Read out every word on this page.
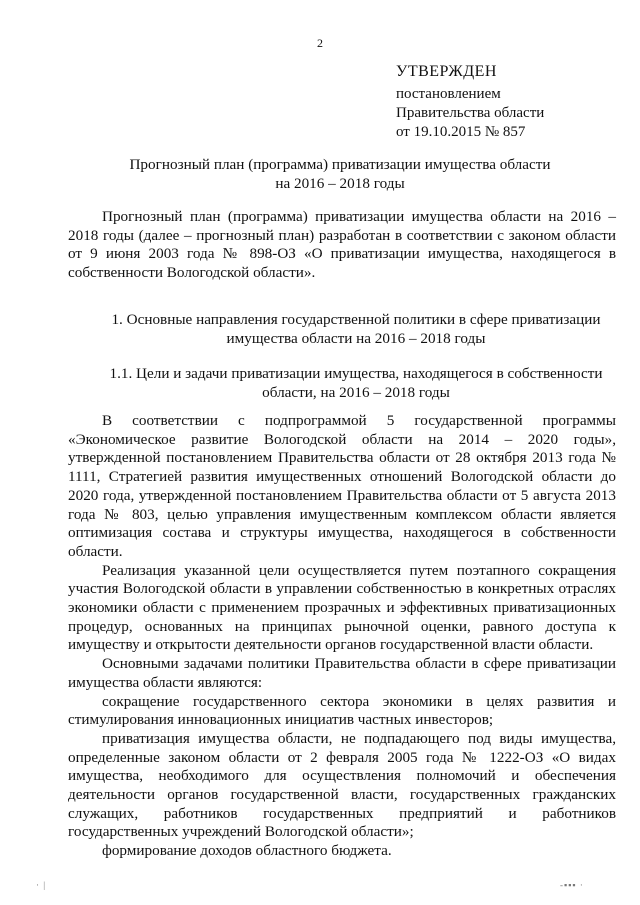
2
УТВЕРЖДЕН
постановлением
Правительства области
от 19.10.2015 № 857
Прогнозный план (программа) приватизации имущества области
на 2016 – 2018 годы

Прогнозный план (программа) приватизации имущества области на 2016 – 2018 годы (далее – прогнозный план) разработан в соответствии с законом области от 9 июня 2003 года № 898-ОЗ «О приватизации имущества, находящегося в собственности Вологодской области».

1. Основные направления государственной политики в сфере приватизации
имущества области на 2016 – 2018 годы
1.1. Цели и задачи приватизации имущества, находящегося в собственности
области, на 2016 – 2018 годы

В соответствии с подпрограммой 5 государственной программы «Экономическое развитие Вологодской области на 2014 – 2020 годы», утвержденной постановлением Правительства области от 28 октября 2013 года № 1111, Стратегией развития имущественных отношений Вологодской области до 2020 года, утвержденной постановлением Правительства области от 5 августа 2013 года № 803, целью управления имущественным комплексом области является оптимизация состава и структуры имущества, находящегося в собственности области.

Реализация указанной цели осуществляется путем поэтапного сокращения участия Вологодской области в управлении собственностью в конкретных отраслях экономики области с применением прозрачных и эффективных приватизационных процедур, основанных на принципах рыночной оценки, равного доступа к имуществу и открытости деятельности органов государственной власти области.

Основными задачами политики Правительства области в сфере приватизации имущества области являются:

сокращение государственного сектора экономики в целях развития и стимулирования инновационных инициатив частных инвесторов;

приватизация имущества области, не подпадающего под виды имущества, определенные законом области от 2 февраля 2005 года № 1222-ОЗ «О видах имущества, необходимого для осуществления полномочий и обеспечения деятельности органов государственной власти, государственных гражданских служащих, работников государственных предприятий и работников государственных учреждений Вологодской области»;

формирование доходов областного бюджета.

· |	-▪▪▪ ·
